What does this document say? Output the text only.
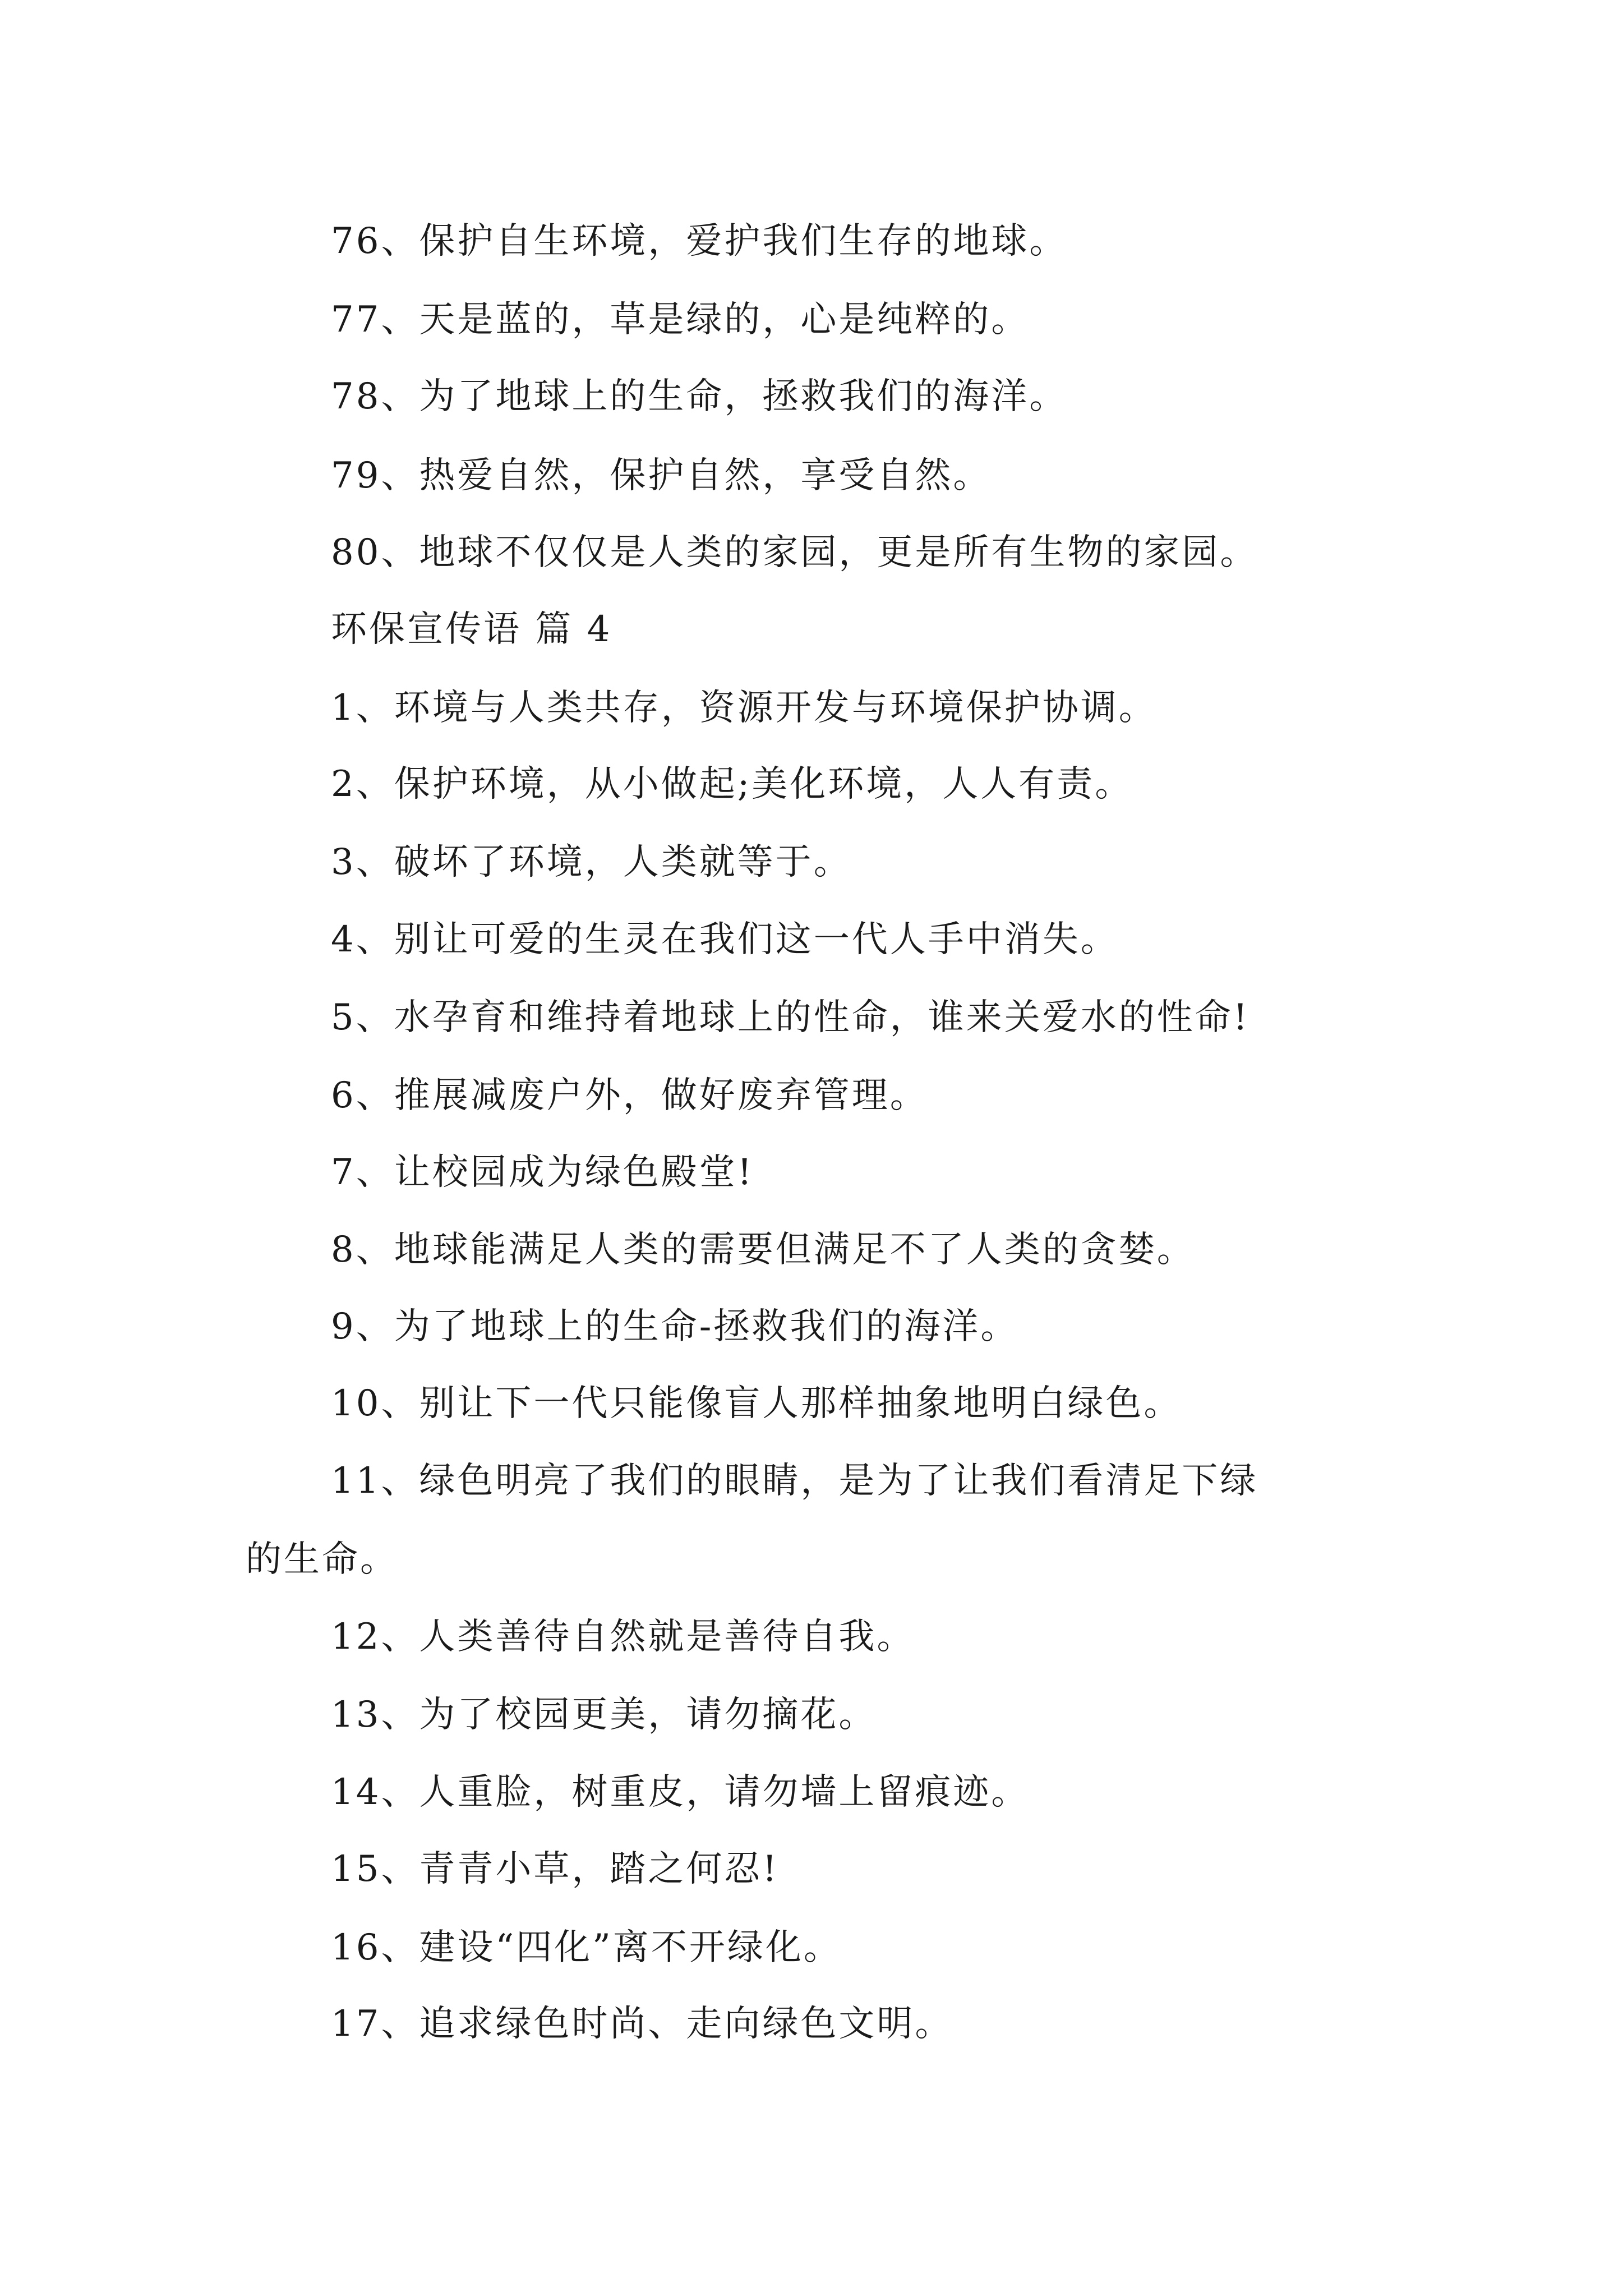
76、保护自生环境，爱护我们生存的地球。
77、天是蓝的，草是绿的，心是纯粹的。
78、为了地球上的生命，拯救我们的海洋。
79、热爱自然，保护自然，享受自然。
80、地球不仅仅是人类的家园，更是所有生物的家园。
环保宣传语 篇 4
1、环境与人类共存，资源开发与环境保护协调。
2、保护环境，从小做起;美化环境，人人有责。
3、破坏了环境，人类就等于。
4、别让可爱的生灵在我们这一代人手中消失。
5、水孕育和维持着地球上的性命，谁来关爱水的性命!
6、推展减废户外，做好废弃管理。
7、让校园成为绿色殿堂!
8、地球能满足人类的需要但满足不了人类的贪婪。
9、为了地球上的生命-拯救我们的海洋。
10、别让下一代只能像盲人那样抽象地明白绿色。
11、绿色明亮了我们的眼睛，是为了让我们看清足下绿
的生命。
12、人类善待自然就是善待自我。
13、为了校园更美，请勿摘花。
14、人重脸，树重皮，请勿墙上留痕迹。
15、青青小草，踏之何忍!
16、建设“四化”离不开绿化。
17、追求绿色时尚、走向绿色文明。
